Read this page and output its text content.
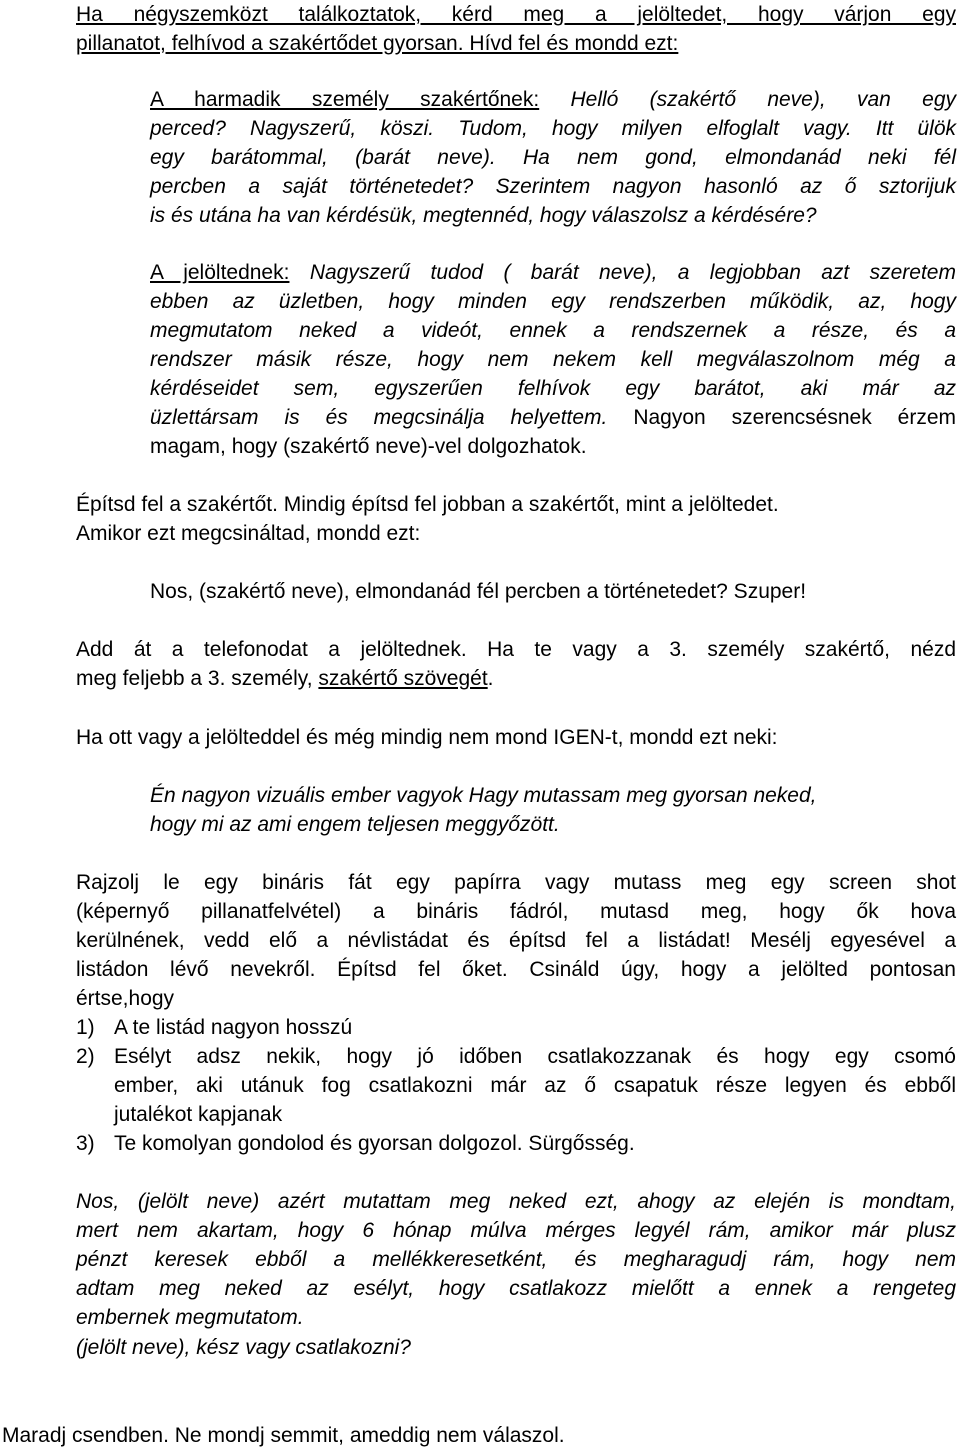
Ha négyszemközt találkoztatok, kérd meg a jelöltedet, hogy várjon egy
pillanatot, felhívod a szakértődet gyorsan. Hívd fel és mondd ezt:
A harmadik személy szakértőnek: Helló (szakértő neve), van egy
perced? Nagyszerű, köszi. Tudom, hogy milyen elfoglalt vagy. Itt ülök
egy barátommal, (barát neve). Ha nem gond, elmondanád neki fél
percben a saját történetedet? Szerintem nagyon hasonló az ő sztorijuk
is és utána ha van kérdésük, megtennéd, hogy válaszolsz a kérdésére?
A jelöltednek: Nagyszerű tudod ( barát neve), a legjobban azt szeretem
ebben az üzletben, hogy minden egy rendszerben működik, az, hogy
megmutatom neked a videót, ennek a rendszernek a része, és a
rendszer másik része, hogy nem nekem kell megválaszolnom még a
kérdéseidet sem, egyszerűen felhívok egy barátot, aki már az
üzlettársam is és megcsinálja helyettem. Nagyon szerencsésnek érzem
magam, hogy (szakértő neve)-vel dolgozhatok.
Építsd fel a szakértőt. Mindig építsd fel jobban a szakértőt, mint a jelöltedet.
Amikor ezt megcsináltad, mondd ezt:
Nos, (szakértő neve), elmondanád fél percben a történetedet? Szuper!
Add át a telefonodat a jelöltednek. Ha te vagy a 3. személy szakértő, nézd
meg feljebb a 3. személy, szakértő szövegét.
Ha ott vagy a jelölteddel és még mindig nem mond IGEN-t, mondd ezt neki:
Én nagyon vizuális ember vagyok Hagy mutassam meg gyorsan neked,
hogy mi az ami engem teljesen meggyőzött.
Rajzolj le egy bináris fát egy papírra vagy mutass meg egy screen shot
(képernyő pillanatfelvétel) a bináris fádról, mutasd meg, hogy ők hova
kerülnének, vedd elő a névlistádat és építsd fel a listádat! Mesélj egyesével a
listádon lévő nevekről. Építsd fel őket. Csináld úgy, hogy a jelölted pontosan
értse,hogy
1) A te listád nagyon hosszú
2) Esélyt adsz nekik, hogy jó időben csatlakozzanak és hogy egy csomó
ember, aki utánuk fog csatlakozni már az ő csapatuk része legyen és ebből
jutalékot kapjanak
3) Te komolyan gondolod és gyorsan dolgozol. Sürgősség.
Nos, (jelölt neve) azért mutattam meg neked ezt, ahogy az elején is mondtam,
mert nem akartam, hogy 6 hónap múlva mérges legyél rám, amikor már plusz
pénzt keresek ebből a mellékkeresetként, és megharagudj rám, hogy nem
adtam meg neked az esélyt, hogy csatlakozz mielőtt a ennek a rengeteg
embernek megmutatom.
(jelölt neve), kész vagy csatlakozni?
Maradj csendben. Ne mondj semmit, ameddig nem válaszol.
